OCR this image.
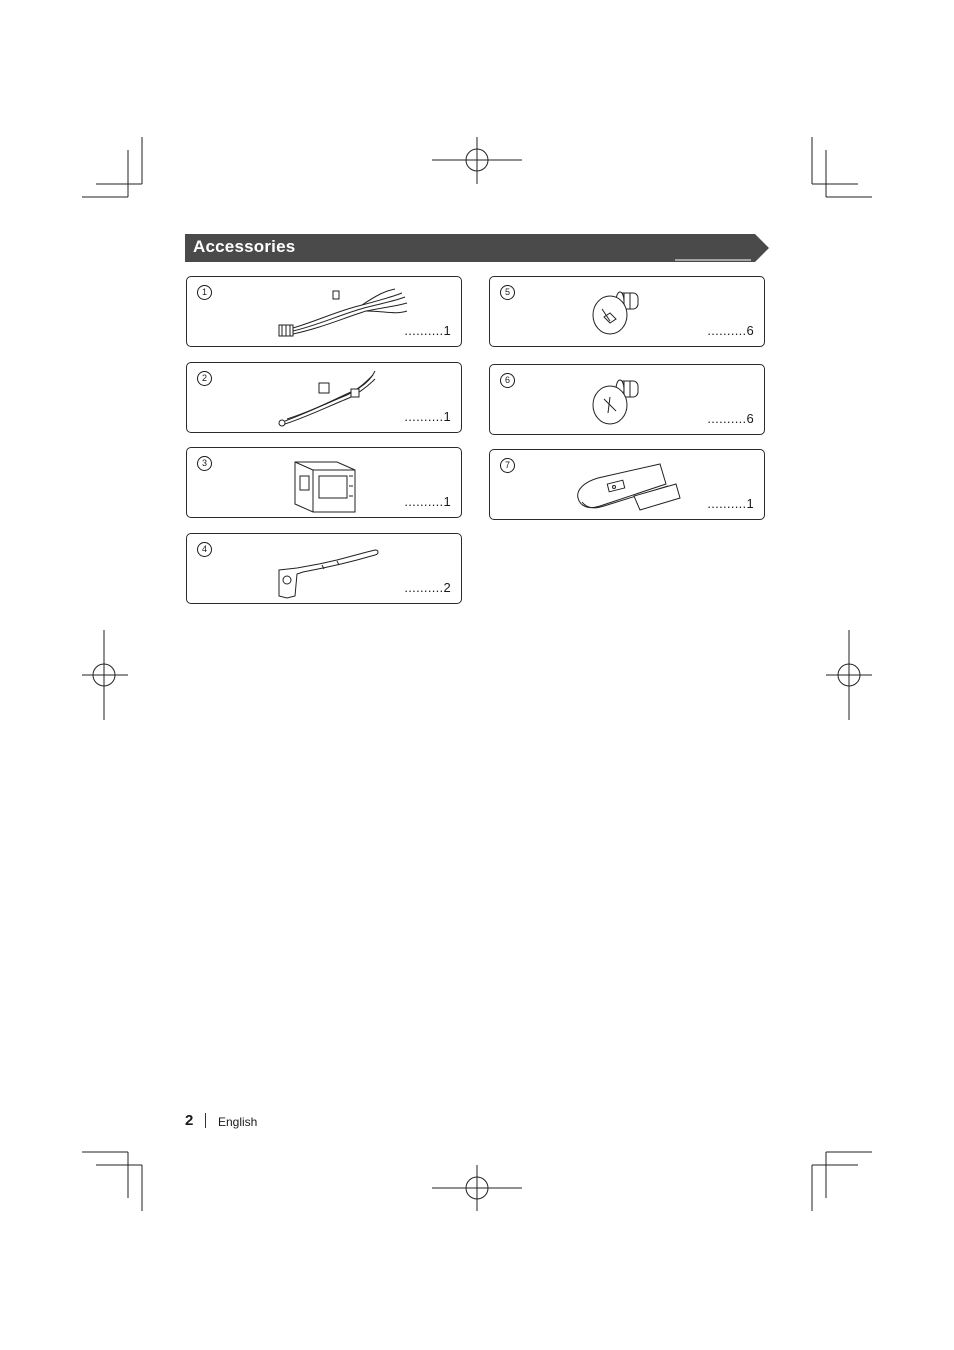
Accessories
1
..........1
2
..........1
3
..........1
4
..........2
5
..........6
6
..........6
7
..........1
2 English
